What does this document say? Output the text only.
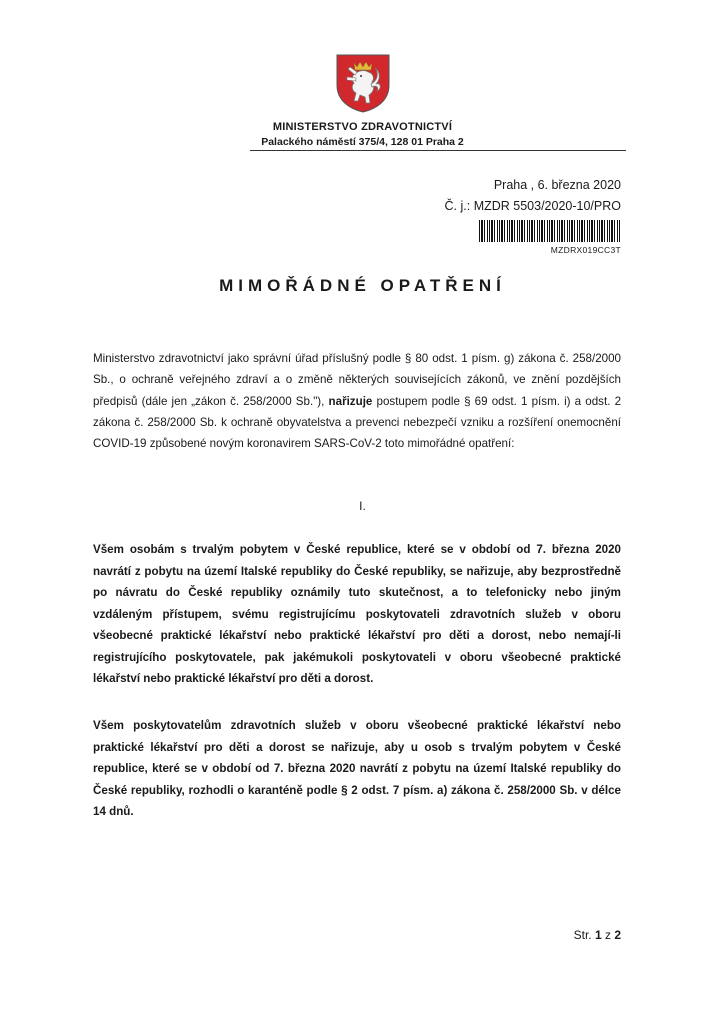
MINISTERSTVO ZDRAVOTNICTVÍ
Palackého náměstí 375/4, 128 01 Praha 2
Praha , 6. března 2020
Č. j.: MZDR 5503/2020-10/PRO
MZDRX019CC3T
MIMOŘÁDNÉ OPATŘENÍ
Ministerstvo zdravotnictví jako správní úřad příslušný podle § 80 odst. 1 písm. g) zákona č. 258/2000 Sb., o ochraně veřejného zdraví a o změně některých souvisejících zákonů, ve znění pozdějších předpisů (dále jen „zákon č. 258/2000 Sb."), nařizuje postupem podle § 69 odst. 1 písm. i) a odst. 2 zákona č. 258/2000 Sb. k ochraně obyvatelstva a prevenci nebezpečí vzniku a rozšíření onemocnění COVID-19 způsobené novým koronavirem SARS-CoV-2 toto mimořádné opatření:
I.
Všem osobám s trvalým pobytem v České republice, které se v období od 7. března 2020 navrátí z pobytu na území Italské republiky do České republiky, se nařizuje, aby bezprostředně po návratu do České republiky oznámily tuto skutečnost, a to telefonicky nebo jiným vzdáleným přístupem, svému registrujícímu poskytovateli zdravotních služeb v oboru všeobecné praktické lékařství nebo praktické lékařství pro děti a dorost, nebo nemají-li registrujícího poskytovatele, pak jakémukoli poskytovateli v oboru všeobecné praktické lékařství nebo praktické lékařství pro děti a dorost.
Všem poskytovatelům zdravotních služeb v oboru všeobecné praktické lékařství nebo praktické lékařství pro děti a dorost se nařizuje, aby u osob s trvalým pobytem v České republice, které se v období od 7. března 2020 navrátí z pobytu na území Italské republiky do České republiky, rozhodli o karanténě podle § 2 odst. 7 písm. a) zákona č. 258/2000 Sb. v délce 14 dnů.
Str. 1 z 2
